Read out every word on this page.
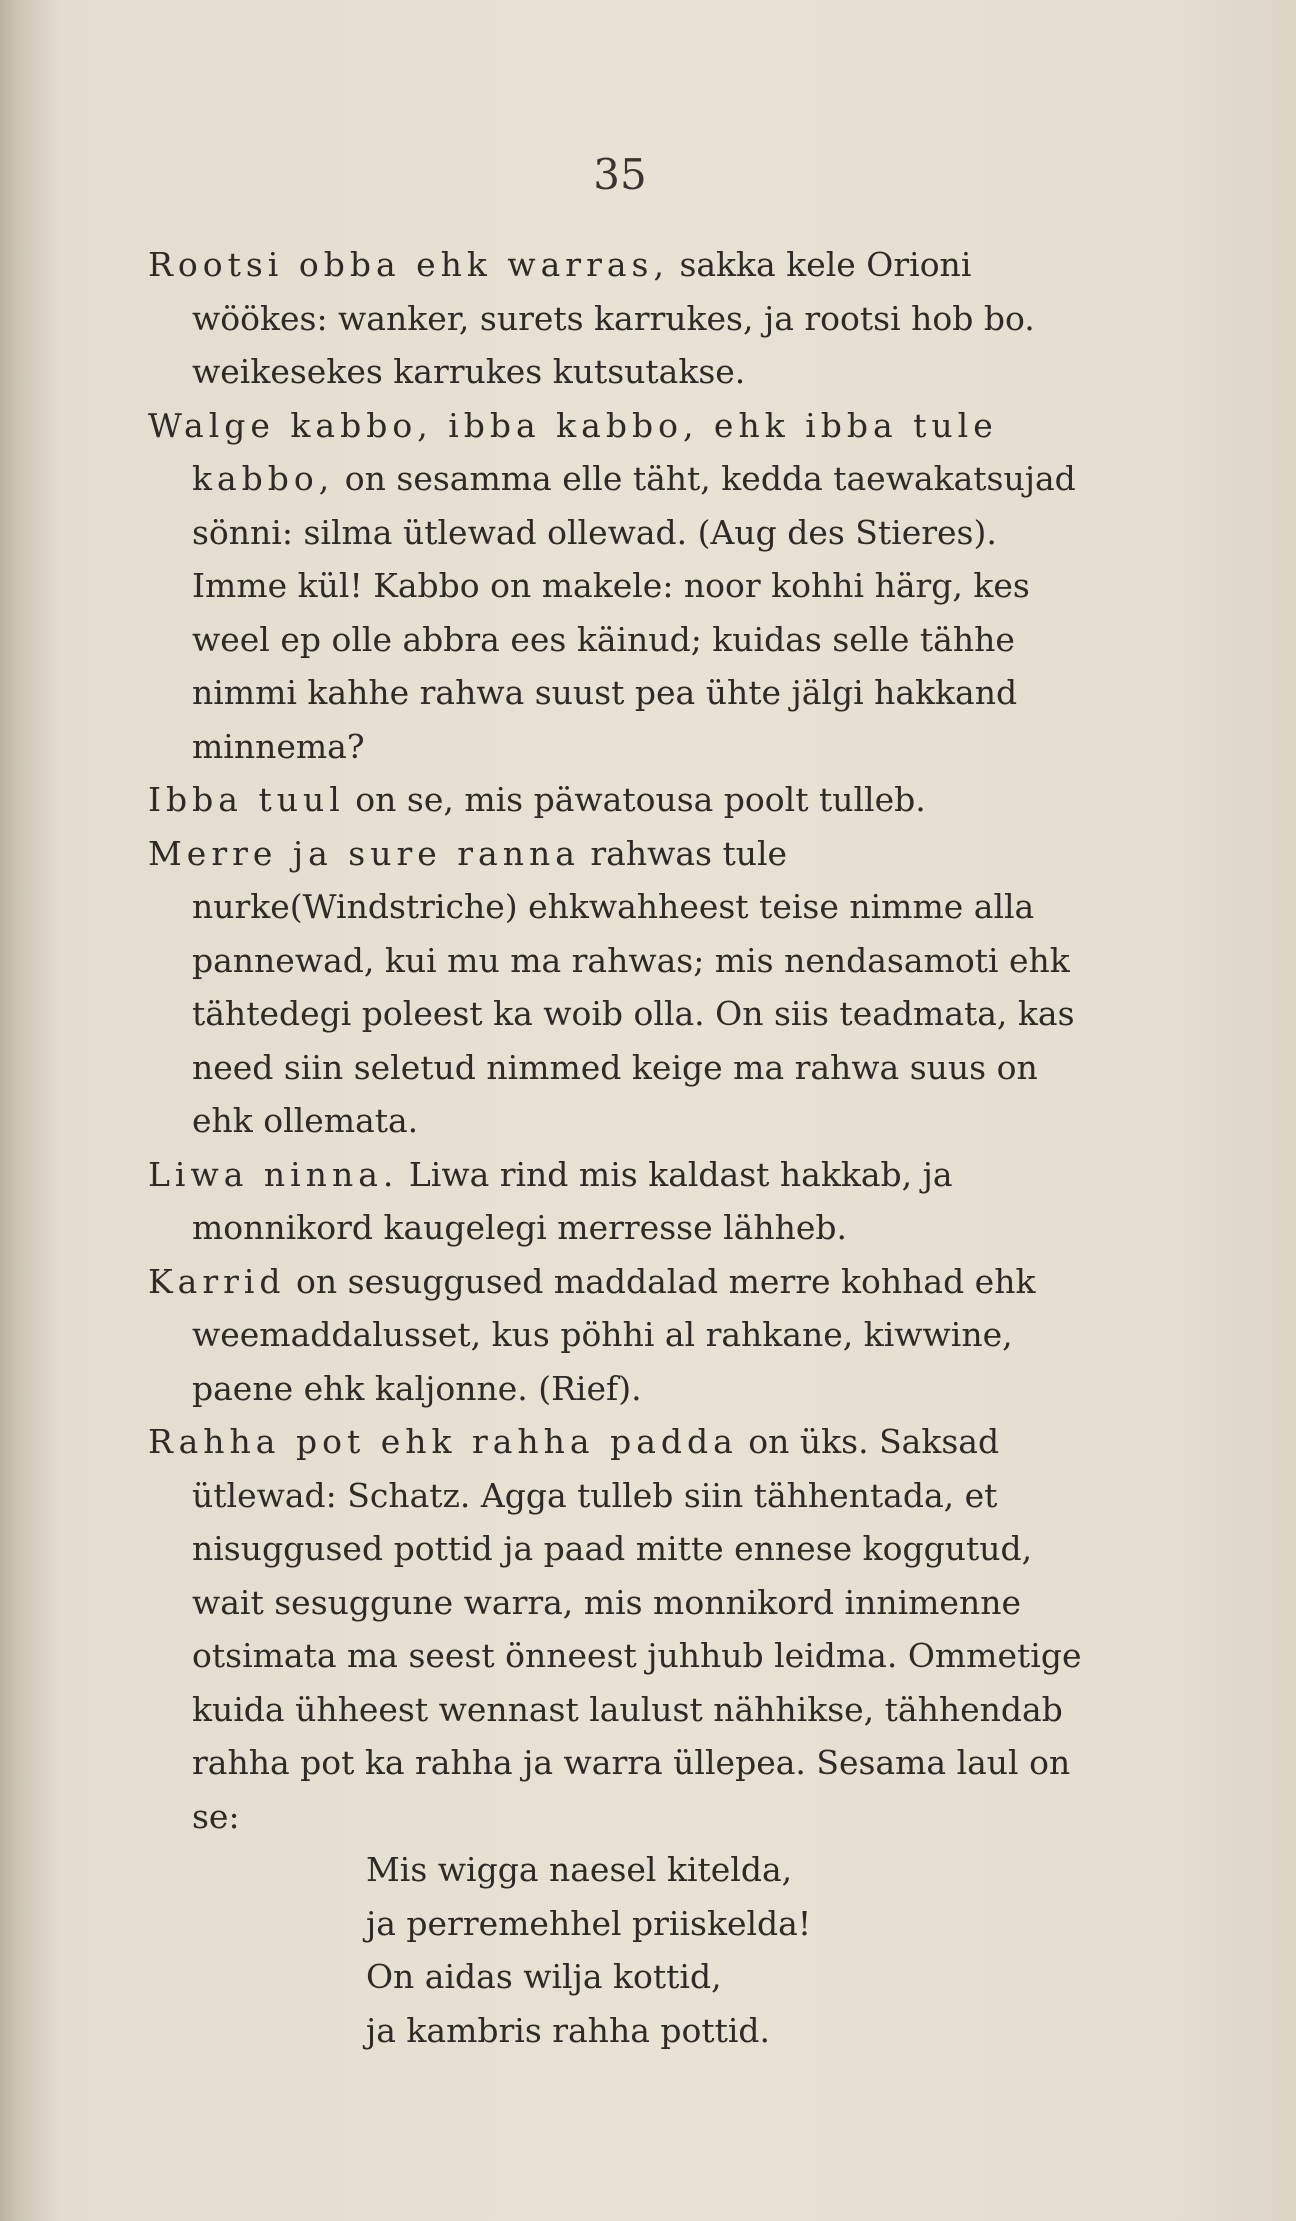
35

Rootsi obba ehk warras, sakka kele Orioni wöökes: wanker, surets karrukes, ja rootsi hob bo. weikesekes karrukes kutsutakse.

Walge kabbo, ibba kabbo, ehk ibba tule kabbo, on sesamma elle täht, kedda taewakatsujad sönni: silma ütlewad ollewad. (Aug des Stieres). Imme kül! Kabbo on makele: noor kohhi härg, kes weel ep olle abbra ees käinud; kuidas selle tähhe nimmi kahhe rahwa suust pea ühte jälgi hakkand minnema?

Ibba tuul on se, mis päwatousa poolt tulleb.

Merre ja sure ranna rahwas tule nurke(Windstriche) ehkwahheest teise nimme alla pannewad, kui mu ma rahwas; mis nendasamoti ehk tähtedegi poleest ka woib olla. On siis teadmata, kas need siin seletud nimmed keige ma rahwa suus on ehk ollemata.

Liwa ninna. Liwa rind mis kaldast hakkab, ja monnikord kaugelegi merresse lähheb.

Karrid on sesuggused maddalad merre kohhad ehk weemaddalusset, kus pöhhi al rahkane, kiwwine, paene ehk kaljonne. (Rief).

Rahha pot ehk rahha padda on üks. Saksad ütlewad: Schatz. Agga tulleb siin tähhentada, et nisuggused pottid ja paad mitte ennese koggutud, wait sesuggune warra, mis monnikord innimenne otsimata ma seest önneest juhhub leidma. Ommetige kuida ühheest wennast laulust nähhikse, tähhendab rahha pot ka rahha ja warra üllepea. Sesama laul on se:

Mis wigga naesel kitelda,
ja perremehhel priiskelda!
On aidas wilja kottid,
ja kambris rahha pottid.
